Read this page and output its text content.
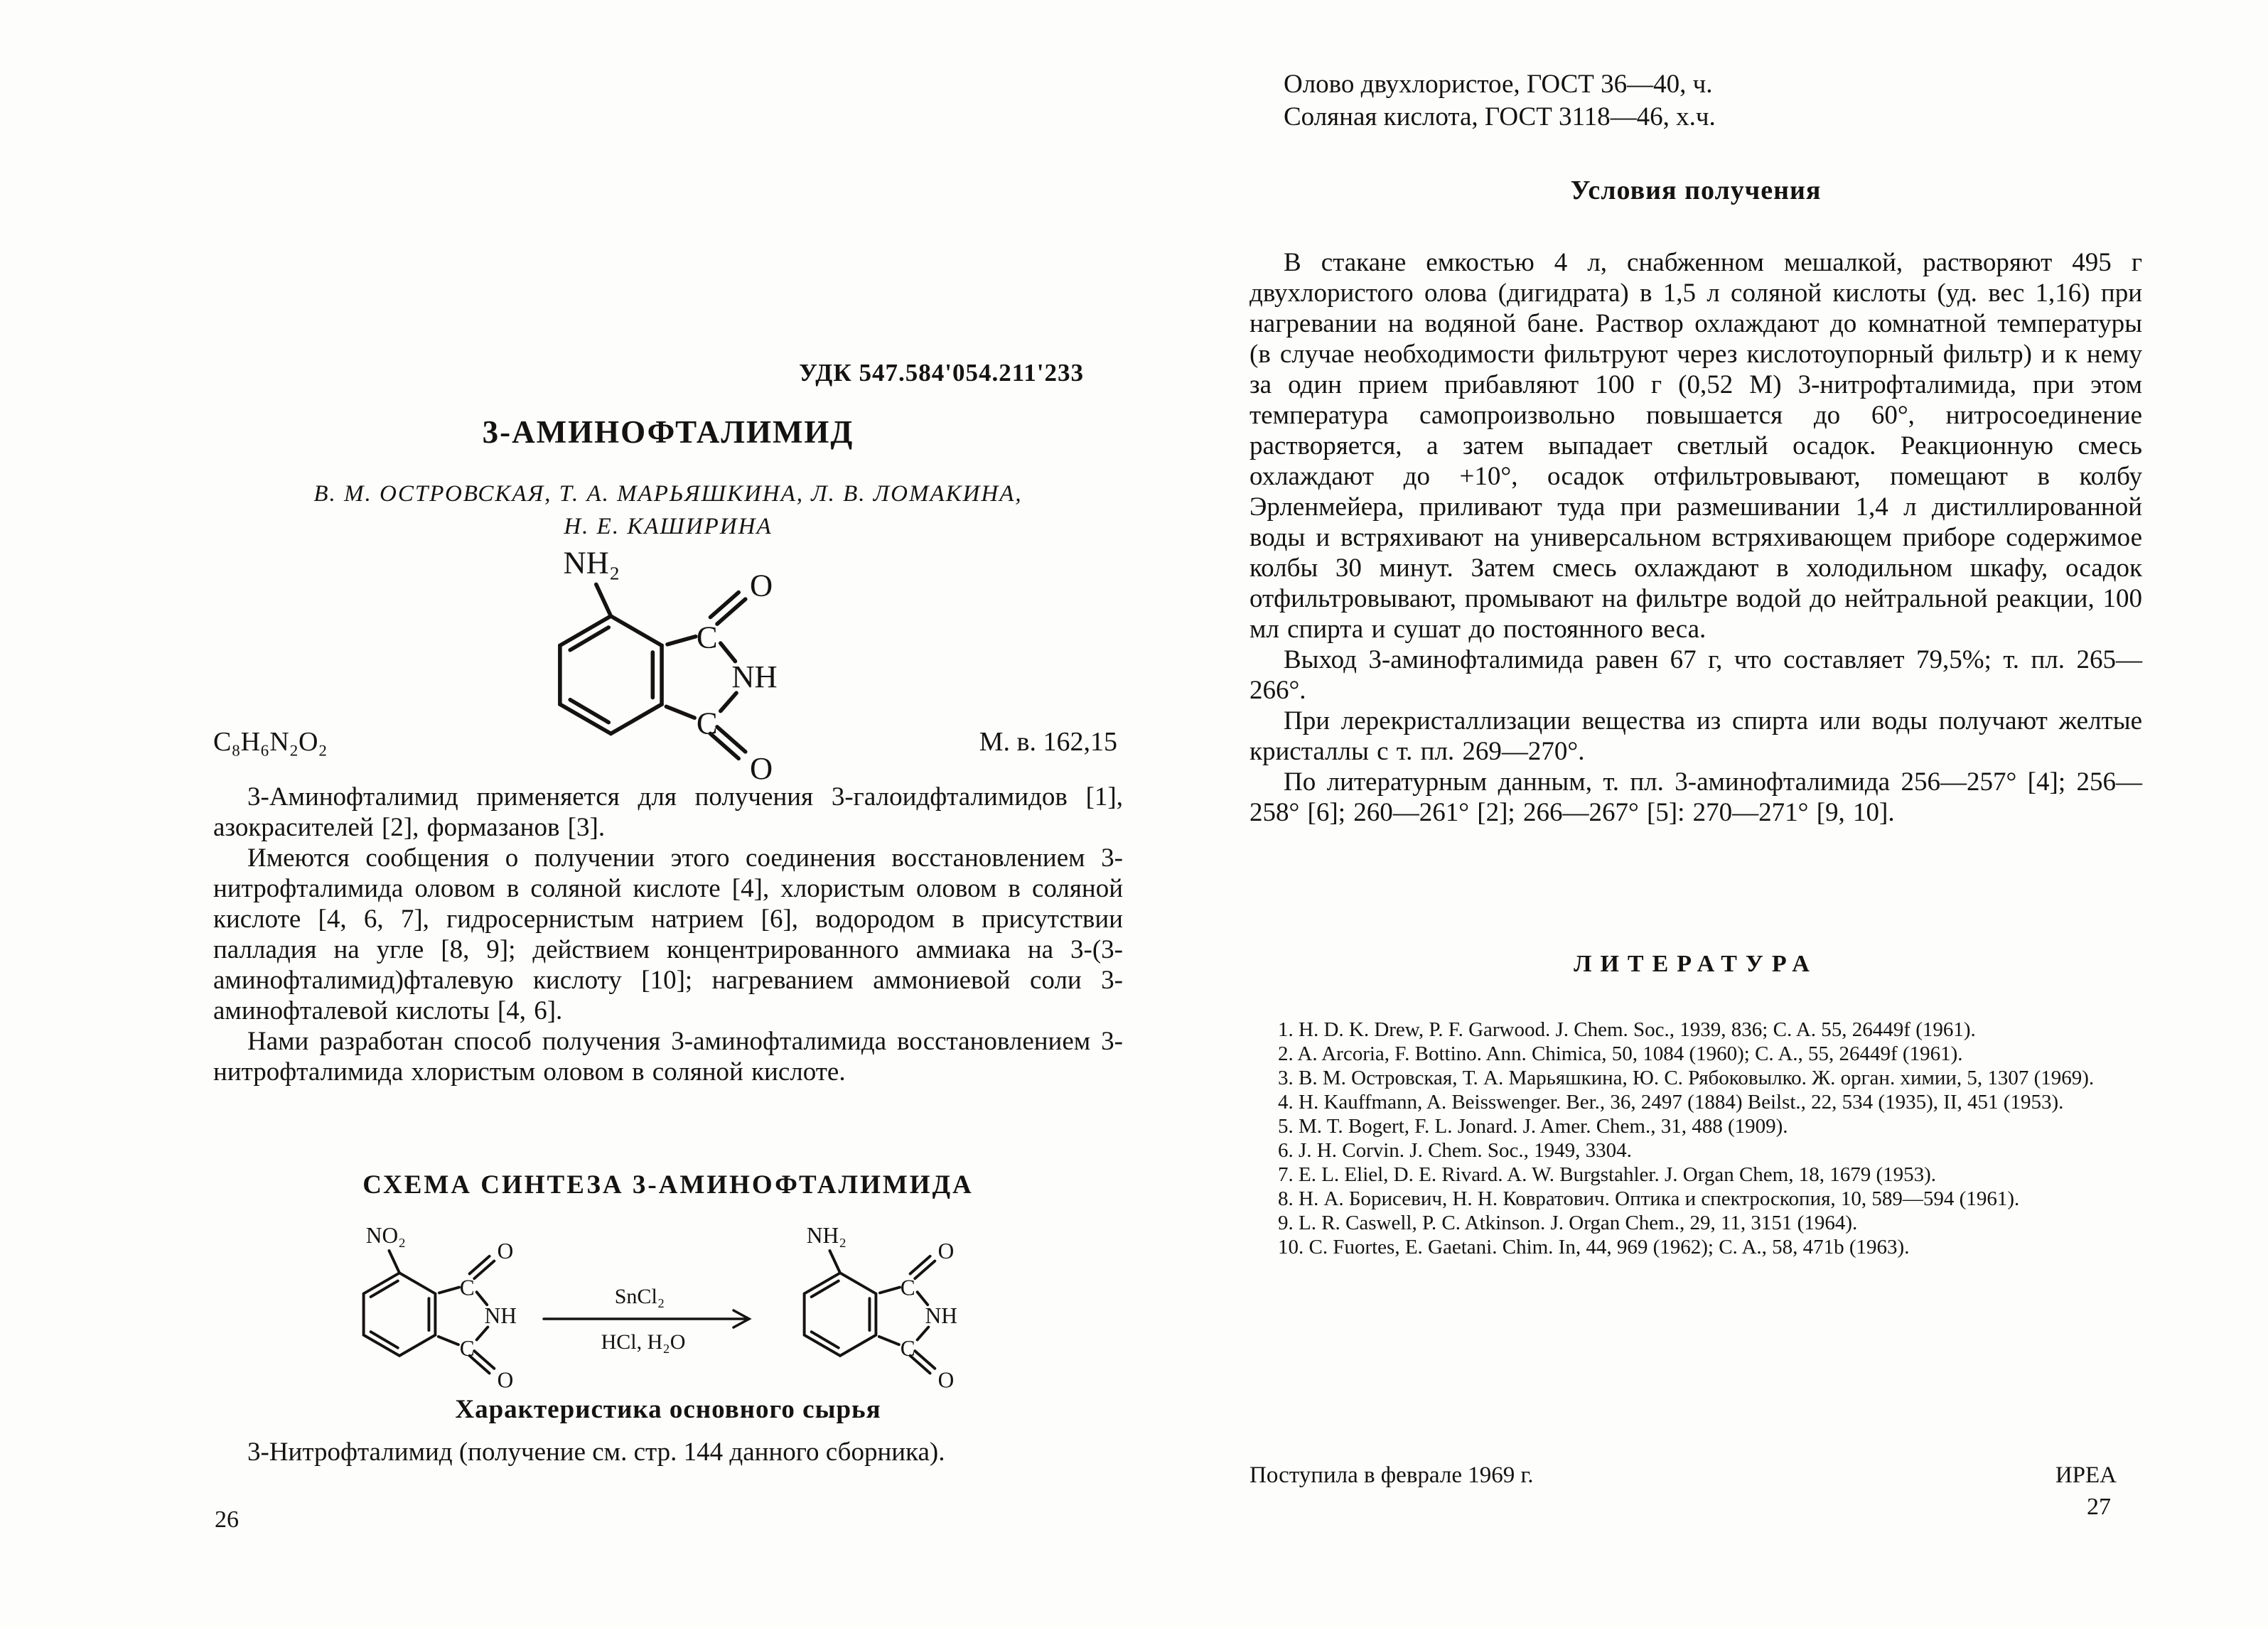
УДК 547.584'054.211'233
3-АМИНОФТАЛИМИД
В. М. ОСТРОВСКАЯ, Т. А. МАРЬЯШКИНА, Л. В. ЛОМАКИНА,
Н. Е. КАШИРИНА
NH₂
C₈H₆N₂O₂	М. в. 162,15

3-Аминофталимид применяется для получения 3-галоидфталимидов [1], азокрасителей [2], формазанов [3].

Имеются сообщения о получении этого соединения восстановлением 3-нитрофталимида оловом в соляной кислоте [4], хлористым оловом в соляной кислоте [4, 6, 7], гидросернистым натрием [6], водородом в присутствии палладия на угле [8, 9]; действием концентрированного аммиака на 3-(3-аминофталимид)фталевую кислоту [10]; нагреванием аммониевой соли 3-аминофталевой кислоты [4, 6].

Нами разработан способ получения 3-аминофталимида восстановлением 3-нитрофталимида хлористым оловом в соляной кислоте.

СХЕМА СИНТЕЗА 3-АМИНОФТАЛИМИДА
NO₂
SnCl₂
HCl, H₂O
NH₂
Характеристика основного сырья

3-Нитрофталимид (получение см. стр. 144 данного сборника).

26
Олово двухлористое, ГОСТ 36—40, ч.
Соляная кислота, ГОСТ 3118—46, х.ч.
Условия получения

В стакане емкостью 4 л, снабженном мешалкой, растворяют 495 г двухлористого олова (дигидрата) в 1,5 л соляной кислоты (уд. вес 1,16) при нагревании на водяной бане. Раствор охлаждают до комнатной температуры (в случае необходимости фильтруют через кислотоупорный фильтр) и к нему за один прием прибавляют 100 г (0,52 М) 3-нитрофталимида, при этом температура самопроизвольно повышается до 60°, нитросоединение растворяется, а затем выпадает светлый осадок. Реакционную смесь охлаждают до +10°, осадок отфильтровывают, помещают в колбу Эрленмейера, приливают туда при размешивании 1,4 л дистиллированной воды и встряхивают на универсальном встряхивающем приборе содержимое колбы 30 минут. Затем смесь охлаждают в холодильном шкафу, осадок отфильтровывают, промывают на фильтре водой до нейтральной реакции, 100 мл спирта и сушат до постоянного веса.

Выход 3-аминофталимида равен 67 г, что составляет 79,5%; т. пл. 265—266°.

При лерекристаллизации вещества из спирта или воды получают желтые кристаллы с т. пл. 269—270°.

По литературным данным, т. пл. 3-аминофталимида 256—257° [4]; 256—258° [6]; 260—261° [2]; 266—267° [5]: 270—271° [9, 10].

ЛИТЕРАТУРА
1. H. D. K. Drew, P. F. Garwood. J. Chem. Soc., 1939, 836; C. A. 55, 26449f (1961).
2. A. Arcoria, F. Bottino. Ann. Chimica, 50, 1084 (1960); C. A., 55, 26449f (1961).
3. В. М. Островская, Т. А. Марьяшкина, Ю. С. Рябоковылко. Ж. орган. химии, 5, 1307 (1969).
4. H. Kauffmann, A. Beisswenger. Ber., 36, 2497 (1884) Beilst., 22, 534 (1935), II, 451 (1953).
5. M. T. Bogert, F. L. Jonard. J. Amer. Chem., 31, 488 (1909).
6. J. H. Corvin. J. Chem. Soc., 1949, 3304.
7. E. L. Eliel, D. E. Rivard. A. W. Burgstahler. J. Organ Chem, 18, 1679 (1953).
8. Н. А. Борисевич, Н. Н. Ковратович. Оптика и спектроскопия, 10, 589—594 (1961).
9. L. R. Caswell, P. C. Atkinson. J. Organ Chem., 29, 11, 3151 (1964).
10. C. Fuortes, E. Gaetani. Chim. In, 44, 969 (1962); C. A., 58, 471b (1963).
Поступила в феврале 1969 г.	ИРЕА
27
